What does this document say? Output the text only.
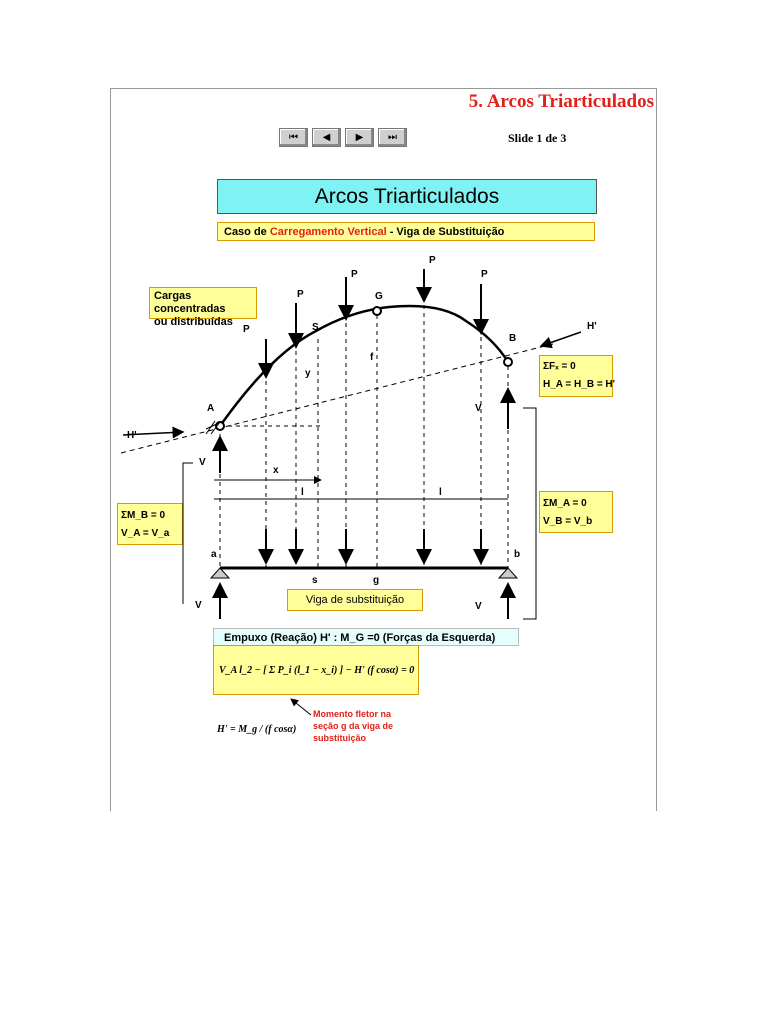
5. Arcos Triarticulados
⏮	◀	▶	⏭	Slide 1 de 3
Arcos Triarticulados
Caso de Carregamento Vertical - Viga de Substituição
Cargas concentradas
ou distribuídas
Viga de substituição
Empuxo (Reação) H' : M_G =0 (Forças da Esquerda)
A
G
B
H'
H'
P
P
P
P
P
S
y
f
V
V
V
V
x
l	l
a	b
s	g
ΣFₓ = 0
H_A = H_B = H'
ΣM_A = 0
V_B = V_b
ΣM_B = 0
V_A = V_a
V_A l_2 − [ Σ P_i (l_1 − x_i) ] − H' (f cosα) = 0
H' = M_g / (f cosα)
Momento fletor na
seção g da viga de
substituição
